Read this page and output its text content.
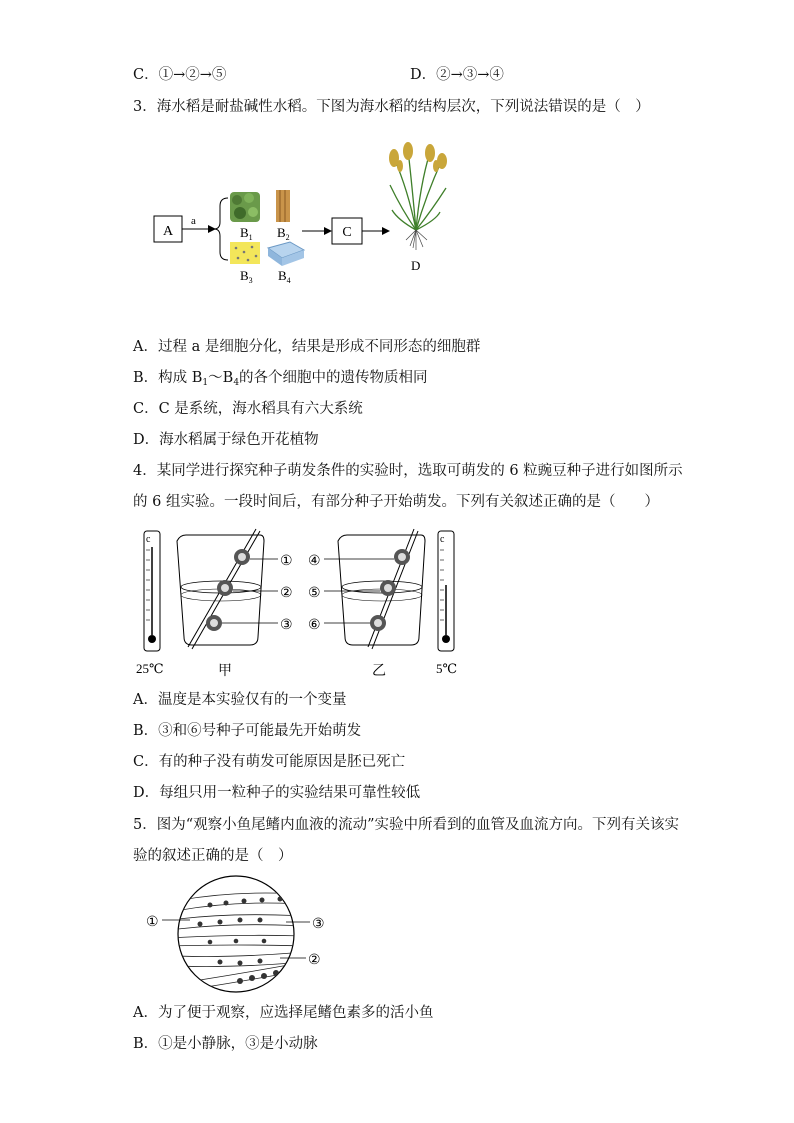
C．①→②→⑤	D．②→③→④
3．海水稻是耐盐碱性水稻。下图为海水稻的结构层次，下列说法错误的是（　）
A
a
$B_1$ $B_2$
$B_3$ $B_4$
C
D
A．过程 a 是细胞分化，结果是形成不同形态的细胞群
B．构成 $B_1\sim B_4$的各个细胞中的遗传物质相同
C．C 是系统，海水稻具有六大系统
D．海水稻属于绿色开花植物
4．某同学进行探究种子萌发条件的实验时，选取可萌发的 6 粒豌豆种子进行如图所示
的 6 组实验。一段时间后，有部分种子开始萌发。下列有关叙述正确的是（　　）
c
25℃
①
②
③
甲
④
⑤
⑥
乙
c
5℃
A．温度是本实验仅有的一个变量
B．③和⑥号种子可能最先开始萌发
C．有的种子没有萌发可能原因是胚已死亡
D．每组只用一粒种子的实验结果可靠性较低
5．图为“观察小鱼尾鳍内血液的流动”实验中所看到的血管及血流方向。下列有关该实
验的叙述正确的是（　）
①	③
②
A．为了便于观察，应选择尾鳍色素多的活小鱼
B．①是小静脉，③是小动脉
